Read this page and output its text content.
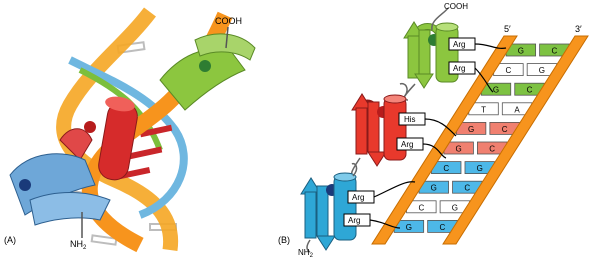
COOH
$NH_2$
(A)
G	C
C	G
G	C
T	A
G	C
G	C
C	G
G	C
C	G
G	C
5′	3′
COOH
$NH_2$
Arg
Arg
His
Arg
Arg
Arg
(B)
